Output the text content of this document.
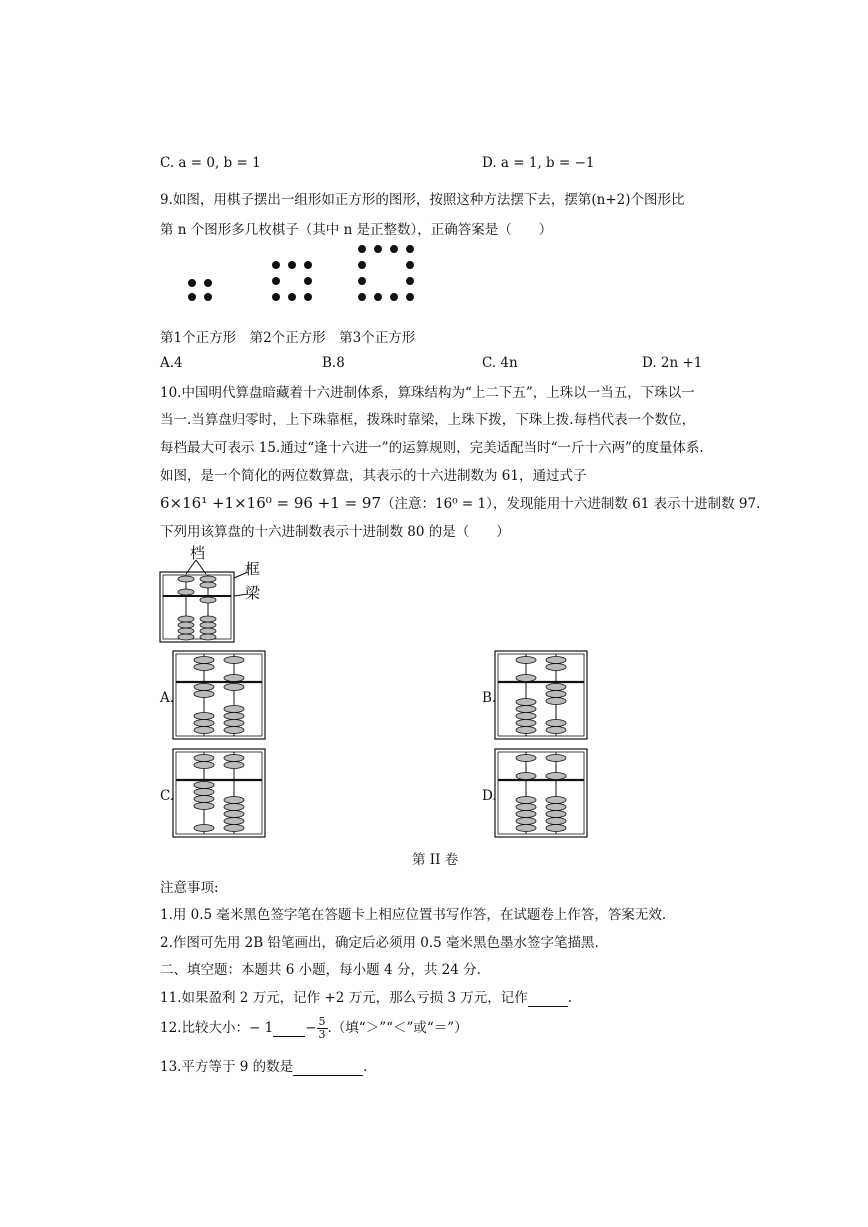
C. a = 0, b = 1	D. a = 1, b = −1
9.如图，用棋子摆出一组形如正方形的图形，按照这种方法摆下去，摆第(n+2)个图形比
第 n 个图形多几枚棋子（其中 n 是正整数），正确答案是（　　）
第1个正方形　第2个正方形　第3个正方形
A.4	B.8	C. 4n	D. 2n +1
10.中国明代算盘暗藏着十六进制体系，算珠结构为“上二下五”，上珠以一当五，下珠以一
当一.当算盘归零时，上下珠靠框，拨珠时靠梁，上珠下拨，下珠上拨.每档代表一个数位，
每档最大可表示 15.通过“逢十六进一”的运算规则，完美适配当时“一斤十六两”的度量体系.
如图，是一个简化的两位数算盘，其表示的十六进制数为 61，通过式子
6×16¹ +1×16⁰ = 96 +1 = 97（注意：16⁰ = 1），发现能用十六进制数 61 表示十进制数 97.
下列用该算盘的十六进制数表示十进制数 80 的是（　　）
档
框
梁
A.	B.
C.	D.
第 II 卷
注意事项:
1.用 0.5 毫米黑色签字笔在答题卡上相应位置书写作答，在试题卷上作答，答案无效.
2.作图可先用 2B 铅笔画出，确定后必须用 0.5 毫米黑色墨水签字笔描黑.
二、填空题：本题共 6 小题，每小题 4 分，共 24 分.
11.如果盈利 2 万元，记作 +2 万元，那么亏损 3 万元，记作	.
12.比较大小：− $1 - \frac{5}{3}$ .（填“＞”“＜”或“＝”）
13.平方等于 9 的数是	.
